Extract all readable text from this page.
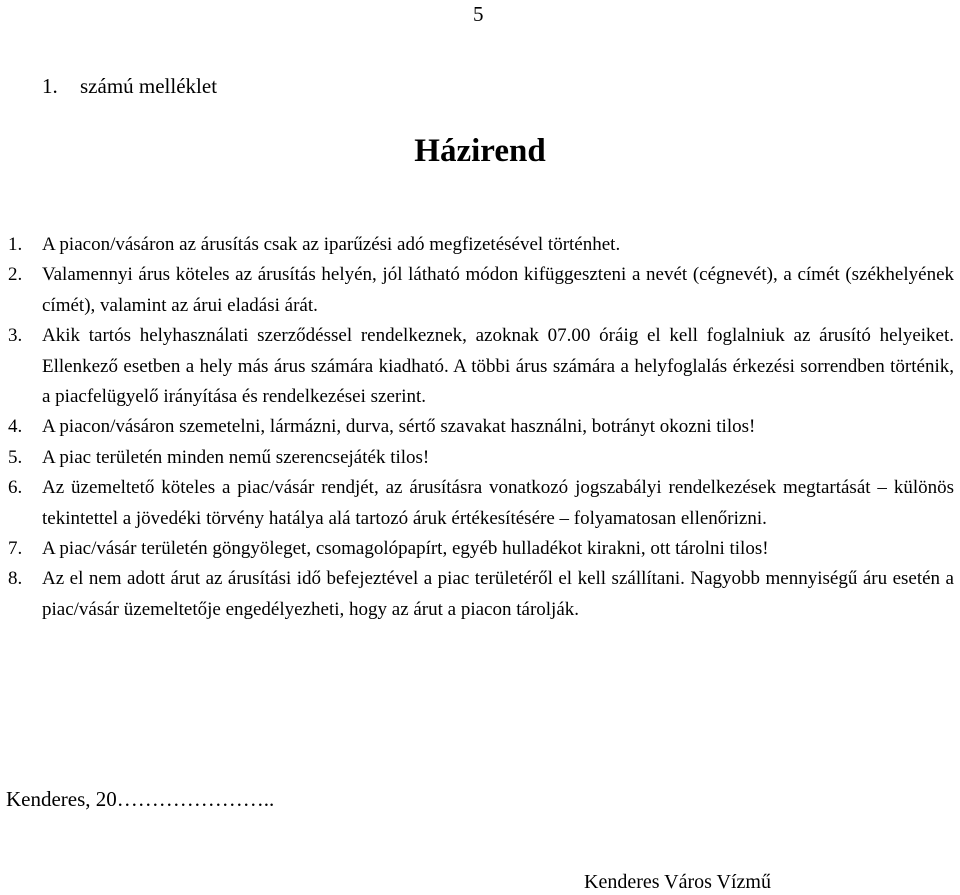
5
1. számú melléklet
Házirend
1.	A piacon/vásáron az árusítás csak az iparűzési adó megfizetésével történhet.
2.	Valamennyi árus köteles az árusítás helyén, jól látható módon kifüggeszteni a nevét (cégnevét), a címét (székhelyének címét), valamint az árui eladási árát.
3.	Akik tartós helyhasználati szerződéssel rendelkeznek, azoknak 07.00 óráig el kell foglalniuk az árusító helyeiket. Ellenkező esetben a hely más árus számára kiadható. A többi árus számára a helyfoglalás érkezési sorrendben történik, a piacfelügyelő irányítása és rendelkezései szerint.
4.	A piacon/vásáron szemetelni, lármázni, durva, sértő szavakat használni, botrányt okozni tilos!
5.	A piac területén minden nemű szerencsejáték tilos!
6.	Az üzemeltető köteles a piac/vásár rendjét, az árusításra vonatkozó jogszabályi rendelkezések megtartását – különös tekintettel a jövedéki törvény hatálya alá tartozó áruk értékesítésére – folyamatosan ellenőrizni.
7.	A piac/vásár területén göngyöleget, csomagolópapírt, egyéb hulladékot kirakni, ott tárolni tilos!
8.	Az el nem adott árut az árusítási idő befejeztével a piac területéről el kell szállítani. Nagyobb mennyiségű áru esetén a piac/vásár üzemeltetője engedélyezheti, hogy az árut a piacon tárolják.
Kenderes, 20…………………..
Kenderes Város Vízmű
